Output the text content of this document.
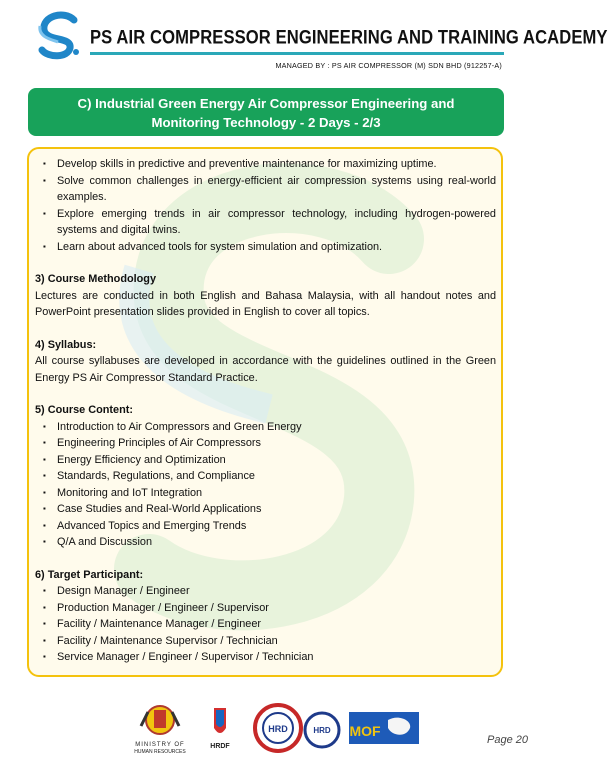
PS AIR COMPRESSOR ENGINEERING AND TRAINING ACADEMY
MANAGED BY : PS AIR COMPRESSOR (M) SDN BHD (912257-A)
C) Industrial Green Energy Air Compressor Engineering and
Monitoring Technology - 2 Days - 2/3
▪ Develop skills in predictive and preventive maintenance for maximizing uptime.
▪ Solve common challenges in energy-efficient air compression systems using real-world examples.
▪ Explore emerging trends in air compressor technology, including hydrogen-powered systems and digital twins.
▪ Learn about advanced tools for system simulation and optimization.
3) Course Methodology
Lectures are conducted in both English and Bahasa Malaysia, with all handout notes and PowerPoint presentation slides provided in English to cover all topics.
4) Syllabus:
All course syllabuses are developed in accordance with the guidelines outlined in the Green Energy PS Air Compressor Standard Practice.
5) Course Content:
▪ Introduction to Air Compressors and Green Energy
▪ Engineering Principles of Air Compressors
▪ Energy Efficiency and Optimization
▪ Standards, Regulations, and Compliance
▪ Monitoring and IoT Integration
▪ Case Studies and Real-World Applications
▪ Advanced Topics and Emerging Trends
▪ Q/A and Discussion
6) Target Participant:
▪ Design Manager / Engineer
▪ Production Manager / Engineer / Supervisor
▪ Facility / Maintenance Manager / Engineer
▪ Facility / Maintenance Supervisor / Technician
▪ Service Manager / Engineer / Supervisor / Technician
MINISTRY OF
HUMAN RESOURCES
HRDF
HRD	HRD MOF
Page 20
